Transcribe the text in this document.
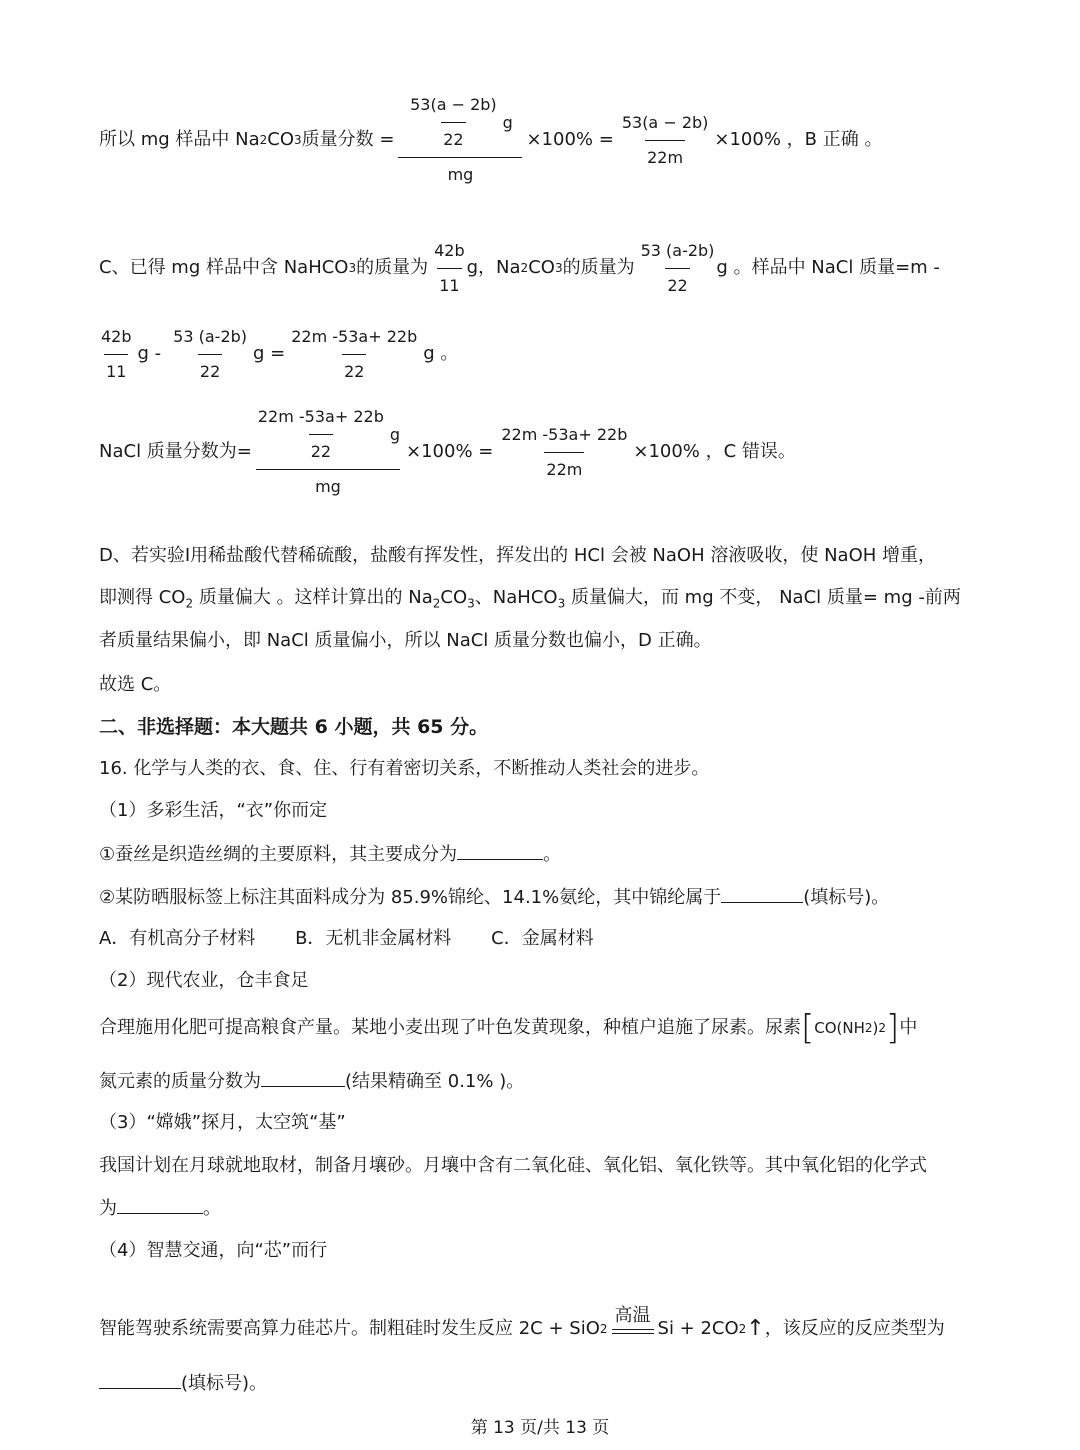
所以 mg 样品中 Na 2 CO 3 质量分数 = $\frac{\frac{53(a - 2b)}{22} g}{mg} \times 100\% = \frac{53(a - 2b)}{22m} \times 100\%$ ，B 正确 。
C、已得 mg 样品中含 NaHCO 3 的质量为 $\frac{42b}{11}$ g，Na 2 CO 3 的质量为 $\frac{53 (a-2b)}{22}$ g 。样品中 NaCl 质量=m -
$\frac{42b}{11}$ g - $\frac{53 (a-2b)}{22}$ $g = \frac{22m -53a+ 22b}{22}$ g 。
NaCl 质量分数为= $\frac{\frac{22m -53a+ 22b}{22} g}{mg} \times 100\% = \frac{22m -53a+ 22b}{22m} \times 100\%$ ，C 错误。
D、若实验Ⅰ用稀盐酸代替稀硫酸，盐酸有挥发性，挥发出的 HCl 会被 NaOH 溶液吸收，使 NaOH 增重，
即测得 $CO_2$ 质量偏大 。这样计算出的 $Na_2CO_3$、NaHCO$_3$ 质量偏大，而 mg 不变， NaCl 质量= mg -前两
者质量结果偏小，即 NaCl 质量偏小，所以 NaCl 质量分数也偏小，D 正确。
故选 C。
二、非选择题：本大题共 6 小题，共 65 分。
16. 化学与人类的衣、食、住、行有着密切关系，不断推动人类社会的进步。
（1）多彩生活，“衣”你而定
①蚕丝是织造丝绸的主要原料，其主要成分为	。
②某防晒服标签上标注其面料成分为 85.9%锦纶、14.1%氨纶，其中锦纶属于	(填标号)。
A．有机高分子材料 B．无机非金属材料 C．金属材料
（2）现代农业，仓丰食足
合理施用化肥可提高粮食产量。某地小麦出现了叶色发黄现象，种植户追施了尿素。尿素 [ CO(NH 2 ) 2 ] 中
氮元素的质量分数为	(结果精确至 0.1% )。
（3）“嫦娥”探月，太空筑“基”
我国计划在月球就地取材，制备月壤砂。月壤中含有二氧化硅、氧化铝、氧化铁等。其中氧化铝的化学式
为	。
（4）智慧交通，向“芯”而行
智能驾驶系统需要高算力硅芯片。制粗硅时发生反应 2C + SiO 2
高温
Si + 2CO 2 ↑ ，该反应的反应类型为
(填标号)。
第 13 页/共 13 页
